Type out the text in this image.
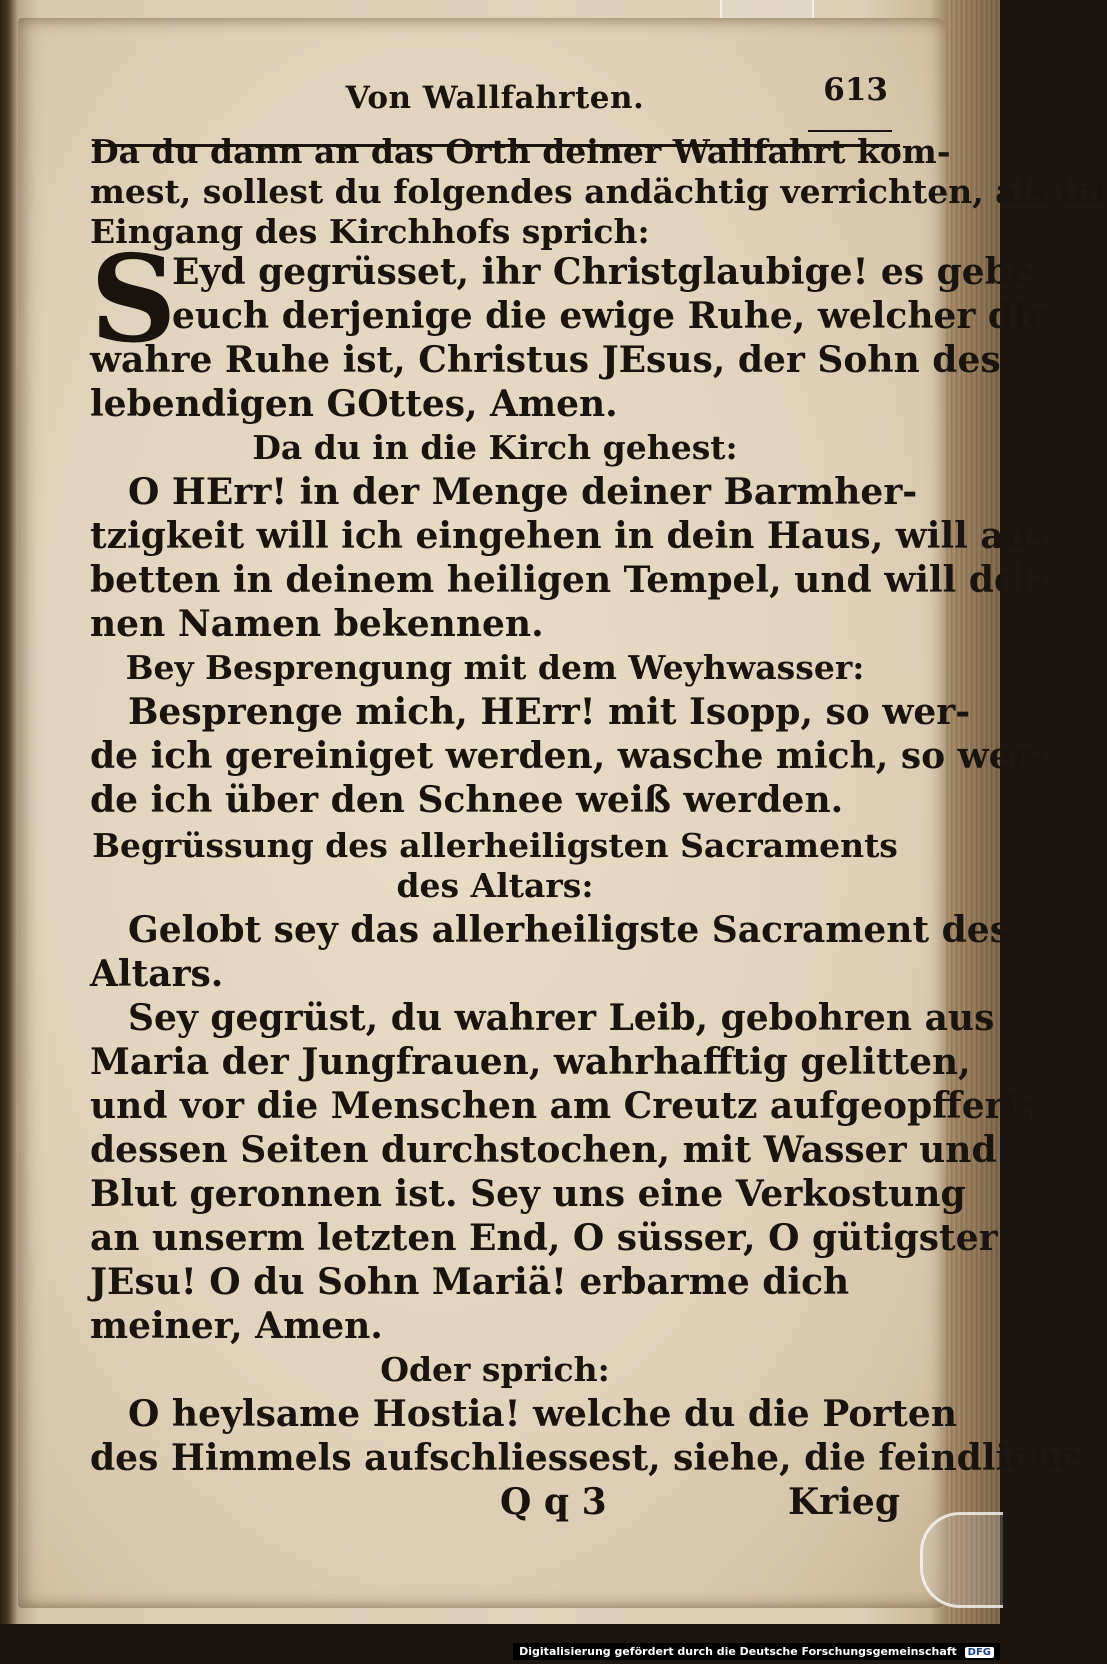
Von Wallfahrten.	613
Da du dann an das Orth deiner Wallfahrt kom-
mest, sollest du folgendes andächtig verrichten, als im
Eingang des Kirchhofs sprich:
S
Eyd gegrüsset, ihr Christglaubige! es gebe
euch derjenige die ewige Ruhe, welcher die
wahre Ruhe ist, Christus JEsus, der Sohn des
lebendigen GOttes, Amen.
Da du in die Kirch gehest:
O HErr! in der Menge deiner Barmher-
tzigkeit will ich eingehen in dein Haus, will an-
betten in deinem heiligen Tempel, und will dei-
nen Namen bekennen.
Bey Besprengung mit dem Weyhwasser:
Besprenge mich, HErr! mit Isopp, so wer-
de ich gereiniget werden, wasche mich, so wer-
de ich über den Schnee weiß werden.
Begrüssung des allerheiligsten Sacraments
des Altars:
Gelobt sey das allerheiligste Sacrament des
Altars.
Sey gegrüst, du wahrer Leib, gebohren aus
Maria der Jungfrauen, wahrhafftig gelitten,
und vor die Menschen am Creutz aufgeopffert:
dessen Seiten durchstochen, mit Wasser und
Blut geronnen ist. Sey uns eine Verkostung
an unserm letzten End, O süsser, O gütigster
JEsu! O du Sohn Mariä! erbarme dich
meiner, Amen.
Oder sprich:
O heylsame Hostia! welche du die Porten
des Himmels aufschliessest, siehe, die feindliche
Q q 3	Krieg
Digitalisierung gefördert durch die Deutsche Forschungsgemeinschaft DFG
